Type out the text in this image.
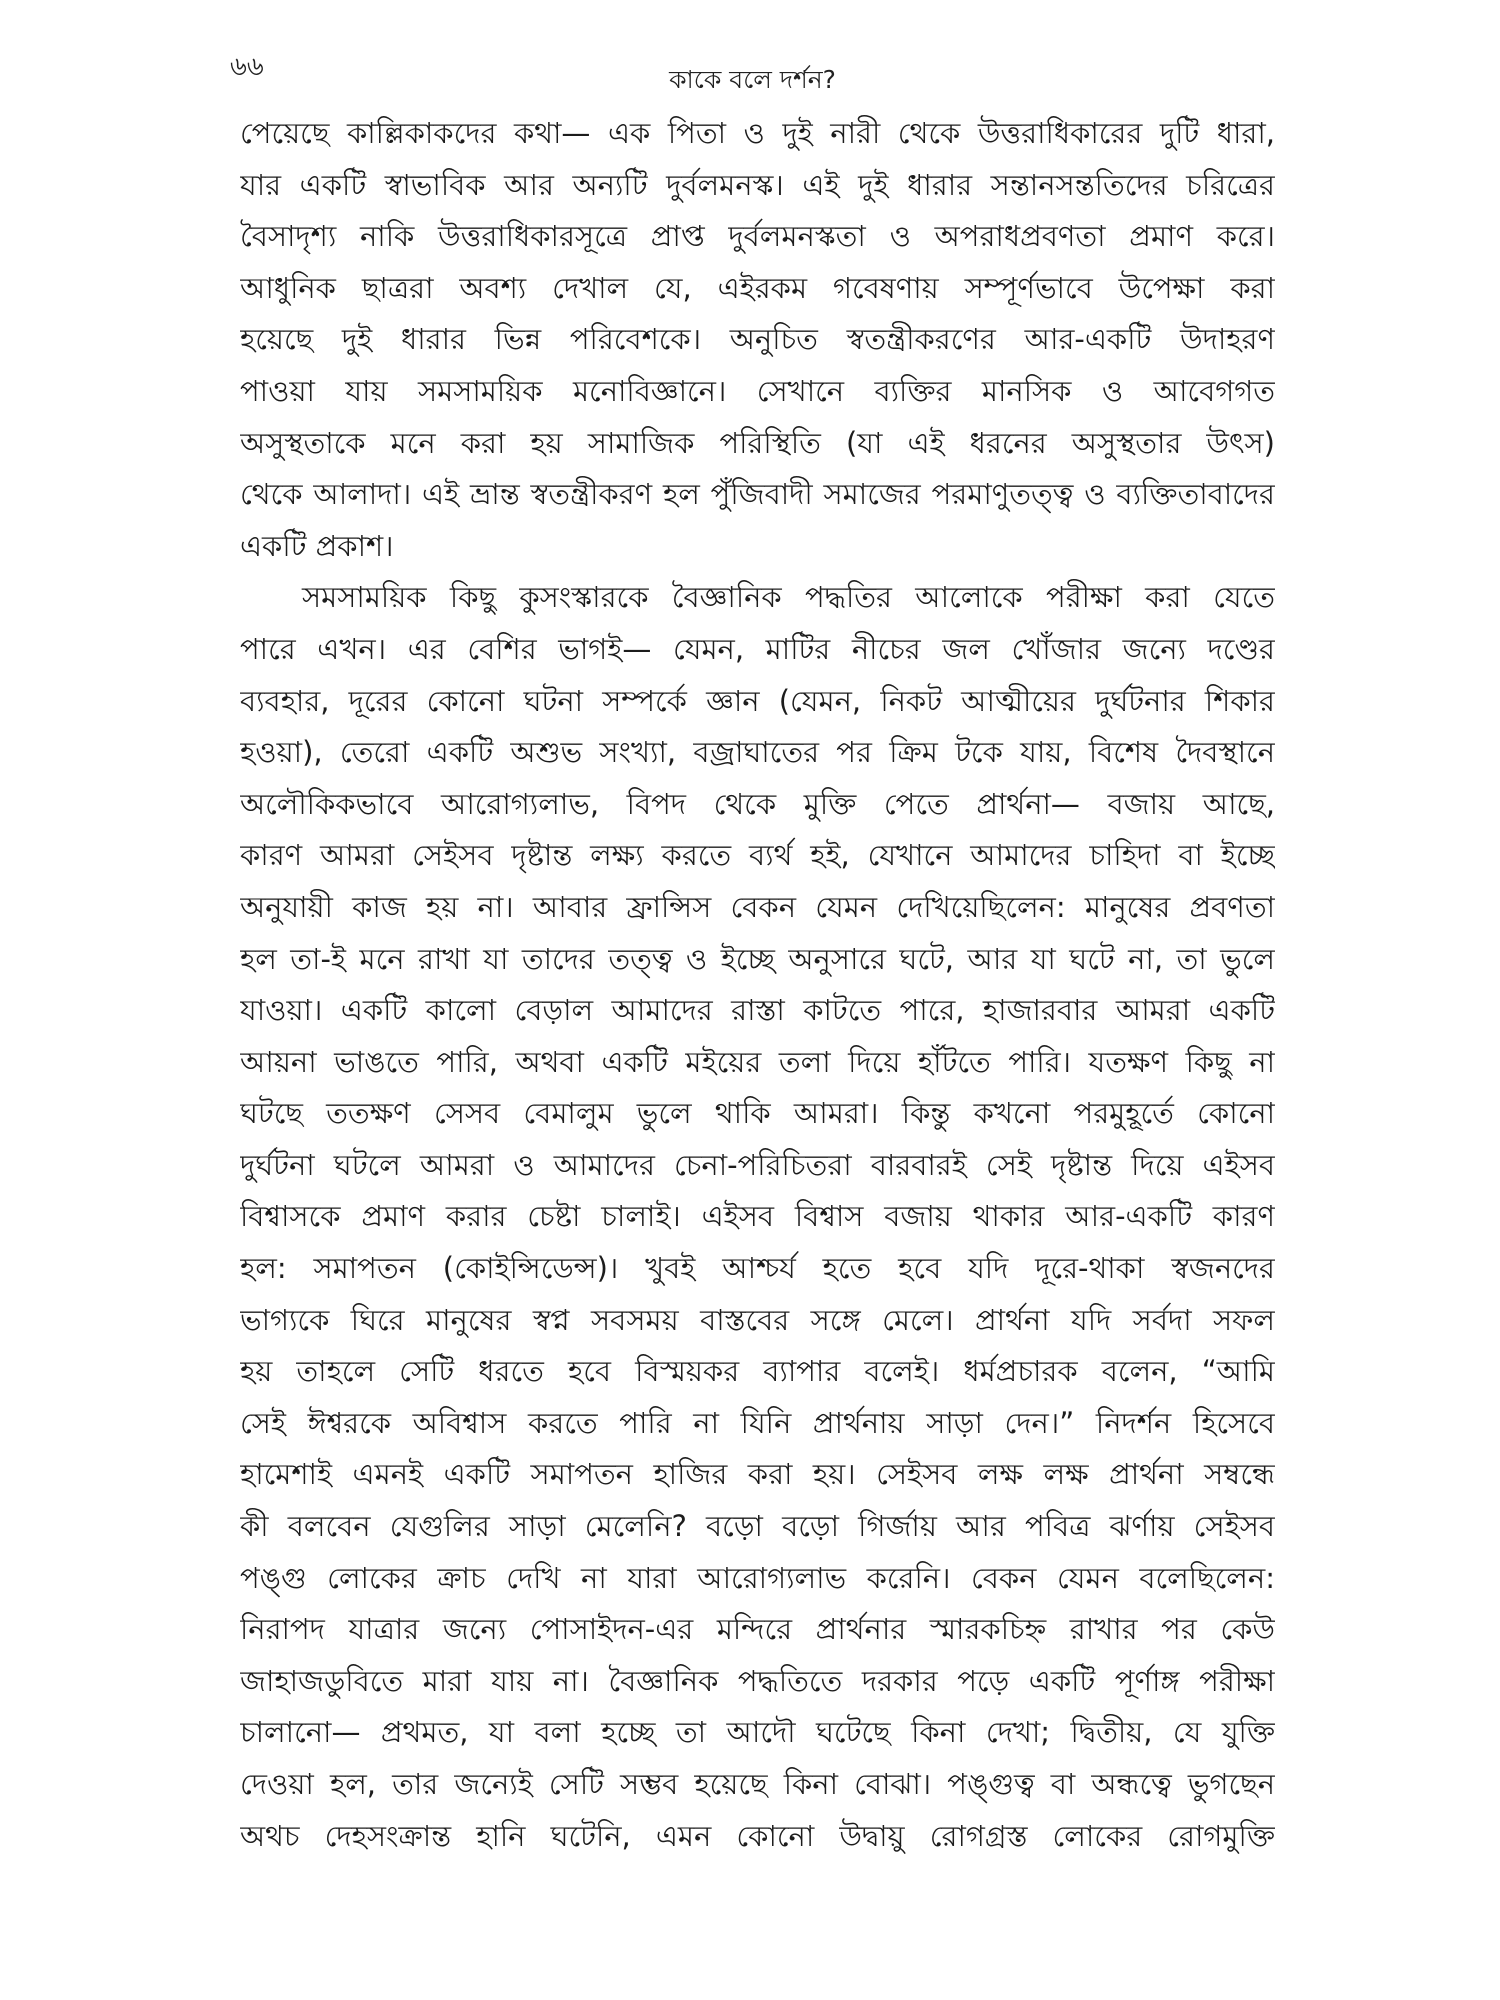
৬৬	কাকে বলে দর্শন?

পেয়েছে কাল্লিকাকদের কথা— এক পিতা ও দুই নারী থেকে উত্তরাধিকারের দুটি ধারা,
যার একটি স্বাভাবিক আর অন্যটি দুর্বলমনস্ক। এই দুই ধারার সন্তানসন্ততিদের চরিত্রের
বৈসাদৃশ্য নাকি উত্তরাধিকারসূত্রে প্রাপ্ত দুর্বলমনস্কতা ও অপরাধপ্রবণতা প্রমাণ করে।
আধুনিক ছাত্ররা অবশ্য দেখাল যে, এইরকম গবেষণায় সম্পূর্ণভাবে উপেক্ষা করা
হয়েছে দুই ধারার ভিন্ন পরিবেশকে। অনুচিত স্বতন্ত্রীকরণের আর-একটি উদাহরণ
পাওয়া যায় সমসাময়িক মনোবিজ্ঞানে। সেখানে ব্যক্তির মানসিক ও আবেগগত
অসুস্থতাকে মনে করা হয় সামাজিক পরিস্থিতি (যা এই ধরনের অসুস্থতার উৎস)
থেকে আলাদা। এই ভ্রান্ত স্বতন্ত্রীকরণ হল পুঁজিবাদী সমাজের পরমাণুতত্ত্ব ও ব্যক্তিতাবাদের
একটি প্রকাশ।

সমসাময়িক কিছু কুসংস্কারকে বৈজ্ঞানিক পদ্ধতির আলোকে পরীক্ষা করা যেতে
পারে এখন। এর বেশির ভাগই— যেমন, মাটির নীচের জল খোঁজার জন্যে দণ্ডের
ব্যবহার, দূরের কোনো ঘটনা সম্পর্কে জ্ঞান (যেমন, নিকট আত্মীয়ের দুর্ঘটনার শিকার
হওয়া), তেরো একটি অশুভ সংখ্যা, বজ্রাঘাতের পর ক্রিম টকে যায়, বিশেষ দৈবস্থানে
অলৌকিকভাবে আরোগ্যলাভ, বিপদ থেকে মুক্তি পেতে প্রার্থনা— বজায় আছে,
কারণ আমরা সেইসব দৃষ্টান্ত লক্ষ্য করতে ব্যর্থ হই, যেখানে আমাদের চাহিদা বা ইচ্ছে
অনুযায়ী কাজ হয় না। আবার ফ্রান্সিস বেকন যেমন দেখিয়েছিলেন: মানুষের প্রবণতা
হল তা-ই মনে রাখা যা তাদের তত্ত্ব ও ইচ্ছে অনুসারে ঘটে, আর যা ঘটে না, তা ভুলে
যাওয়া। একটি কালো বেড়াল আমাদের রাস্তা কাটতে পারে, হাজারবার আমরা একটি
আয়না ভাঙতে পারি, অথবা একটি মইয়ের তলা দিয়ে হাঁটতে পারি। যতক্ষণ কিছু না
ঘটছে ততক্ষণ সেসব বেমালুম ভুলে থাকি আমরা। কিন্তু কখনো পরমুহূর্তে কোনো
দুর্ঘটনা ঘটলে আমরা ও আমাদের চেনা-পরিচিতরা বারবারই সেই দৃষ্টান্ত দিয়ে এইসব
বিশ্বাসকে প্রমাণ করার চেষ্টা চালাই। এইসব বিশ্বাস বজায় থাকার আর-একটি কারণ
হল: সমাপতন (কোইন্সিডেন্স)। খুবই আশ্চর্য হতে হবে যদি দূরে-থাকা স্বজনদের
ভাগ্যকে ঘিরে মানুষের স্বপ্ন সবসময় বাস্তবের সঙ্গে মেলে। প্রার্থনা যদি সর্বদা সফল
হয় তাহলে সেটি ধরতে হবে বিস্ময়কর ব্যাপার বলেই। ধর্মপ্রচারক বলেন, “আমি
সেই ঈশ্বরকে অবিশ্বাস করতে পারি না যিনি প্রার্থনায় সাড়া দেন।” নিদর্শন হিসেবে
হামেশাই এমনই একটি সমাপতন হাজির করা হয়। সেইসব লক্ষ লক্ষ প্রার্থনা সম্বন্ধে
কী বলবেন যেগুলির সাড়া মেলেনি? বড়ো বড়ো গির্জায় আর পবিত্র ঝর্ণায় সেইসব
পঙ্গু লোকের ক্রাচ দেখি না যারা আরোগ্যলাভ করেনি। বেকন যেমন বলেছিলেন:
নিরাপদ যাত্রার জন্যে পোসাইদন-এর মন্দিরে প্রার্থনার স্মারকচিহ্ন রাখার পর কেউ
জাহাজডুবিতে মারা যায় না। বৈজ্ঞানিক পদ্ধতিতে দরকার পড়ে একটি পূর্ণাঙ্গ পরীক্ষা
চালানো— প্রথমত, যা বলা হচ্ছে তা আদৌ ঘটেছে কিনা দেখা; দ্বিতীয়, যে যুক্তি
দেওয়া হল, তার জন্যেই সেটি সম্ভব হয়েছে কিনা বোঝা। পঙ্গুত্ব বা অন্ধত্বে ভুগছেন
অথচ দেহসংক্রান্ত হানি ঘটেনি, এমন কোনো উদ্বায়ু রোগগ্রস্ত লোকের রোগমুক্তি
